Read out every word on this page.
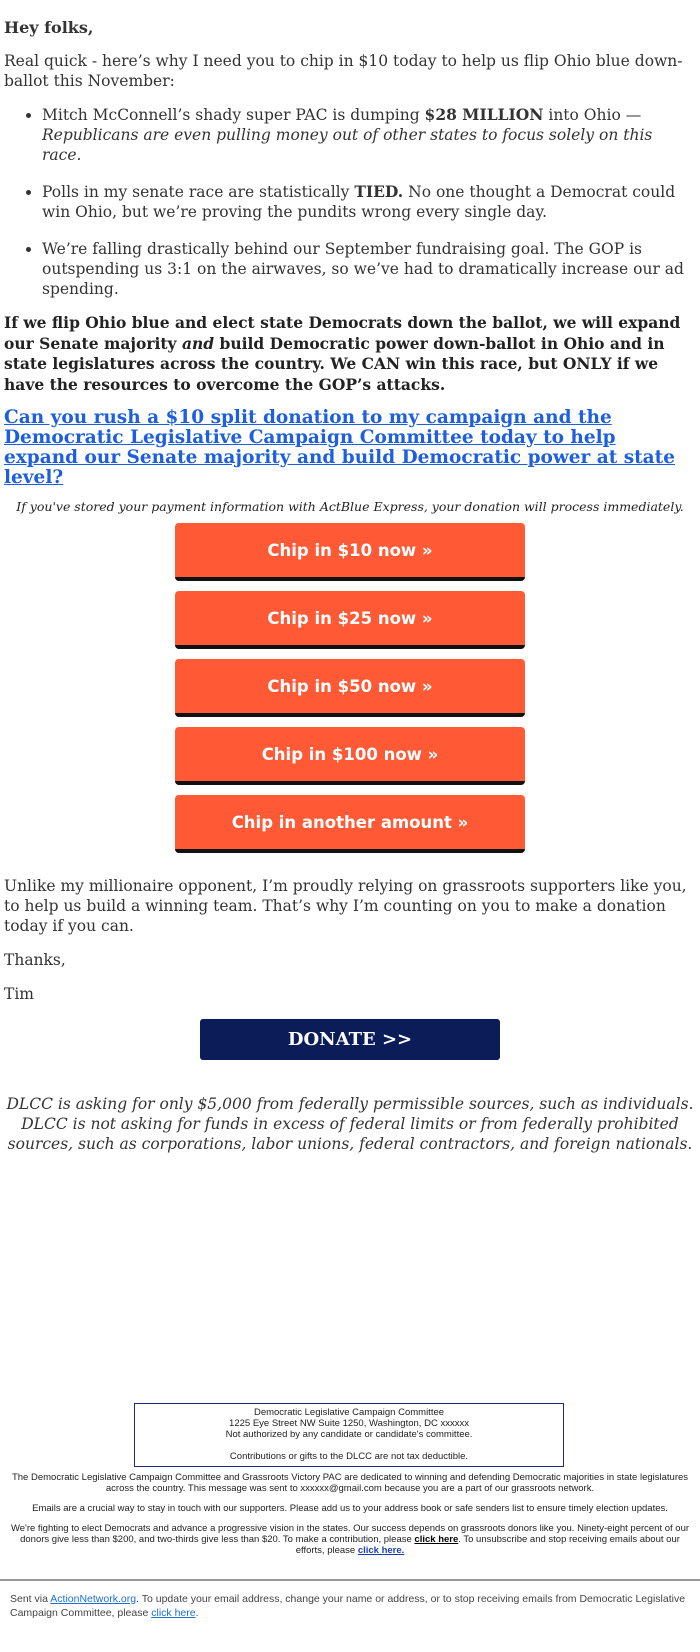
Hey folks,

Real quick - here’s why I need you to chip in $10 today to help us flip Ohio blue down-ballot this November:

• Mitch McConnell’s shady super PAC is dumping $28 MILLION into Ohio — Republicans are even pulling money out of other states to focus solely on this race.
• Polls in my senate race are statistically TIED. No one thought a Democrat could win Ohio, but we’re proving the pundits wrong every single day.
• We’re falling drastically behind our September fundraising goal. The GOP is outspending us 3:1 on the airwaves, so we’ve had to dramatically increase our ad spending.

If we flip Ohio blue and elect state Democrats down the ballot, we will expand our Senate majority and build Democratic power down-ballot in Ohio and in state legislatures across the country. We CAN win this race, but ONLY if we have the resources to overcome the GOP’s attacks.

Can you rush a $10 split donation to my campaign and the Democratic Legislative Campaign Committee today to help expand our Senate majority and build Democratic power at state level?

If you've stored your payment information with ActBlue Express, your donation will process immediately.

Chip in $10 now »
Chip in $25 now »
Chip in $50 now »
Chip in $100 now »
Chip in another amount »

Unlike my millionaire opponent, I’m proudly relying on grassroots supporters like you, to help us build a winning team. That’s why I’m counting on you to make a donation today if you can.

Thanks,

Tim

DONATE >>

DLCC is asking for only $5,000 from federally permissible sources, such as individuals. DLCC is not asking for funds in excess of federal limits or from federally prohibited sources, such as corporations, labor unions, federal contractors, and foreign nationals.

Democratic Legislative Campaign Committee
1225 Eye Street NW Suite 1250, Washington, DC xxxxxx
Not authorized by any candidate or candidate's committee.
Contributions or gifts to the DLCC are not tax deductible.
The Democratic Legislative Campaign Committee and Grassroots Victory PAC are dedicated to winning and defending Democratic majorities in state legislatures across the country. This message was sent to xxxxxx@gmail.com because you are a part of our grassroots network.
Emails are a crucial way to stay in touch with our supporters. Please add us to your address book or safe senders list to ensure timely election updates.
We're fighting to elect Democrats and advance a progressive vision in the states. Our success depends on grassroots donors like you. Ninety-eight percent of our donors give less than $200, and two-thirds give less than $20. To make a contribution, please click here. To unsubscribe and stop receiving emails about our efforts, please click here.
Sent via ActionNetwork.org. To update your email address, change your name or address, or to stop receiving emails from Democratic Legislative Campaign Committee, please click here.
